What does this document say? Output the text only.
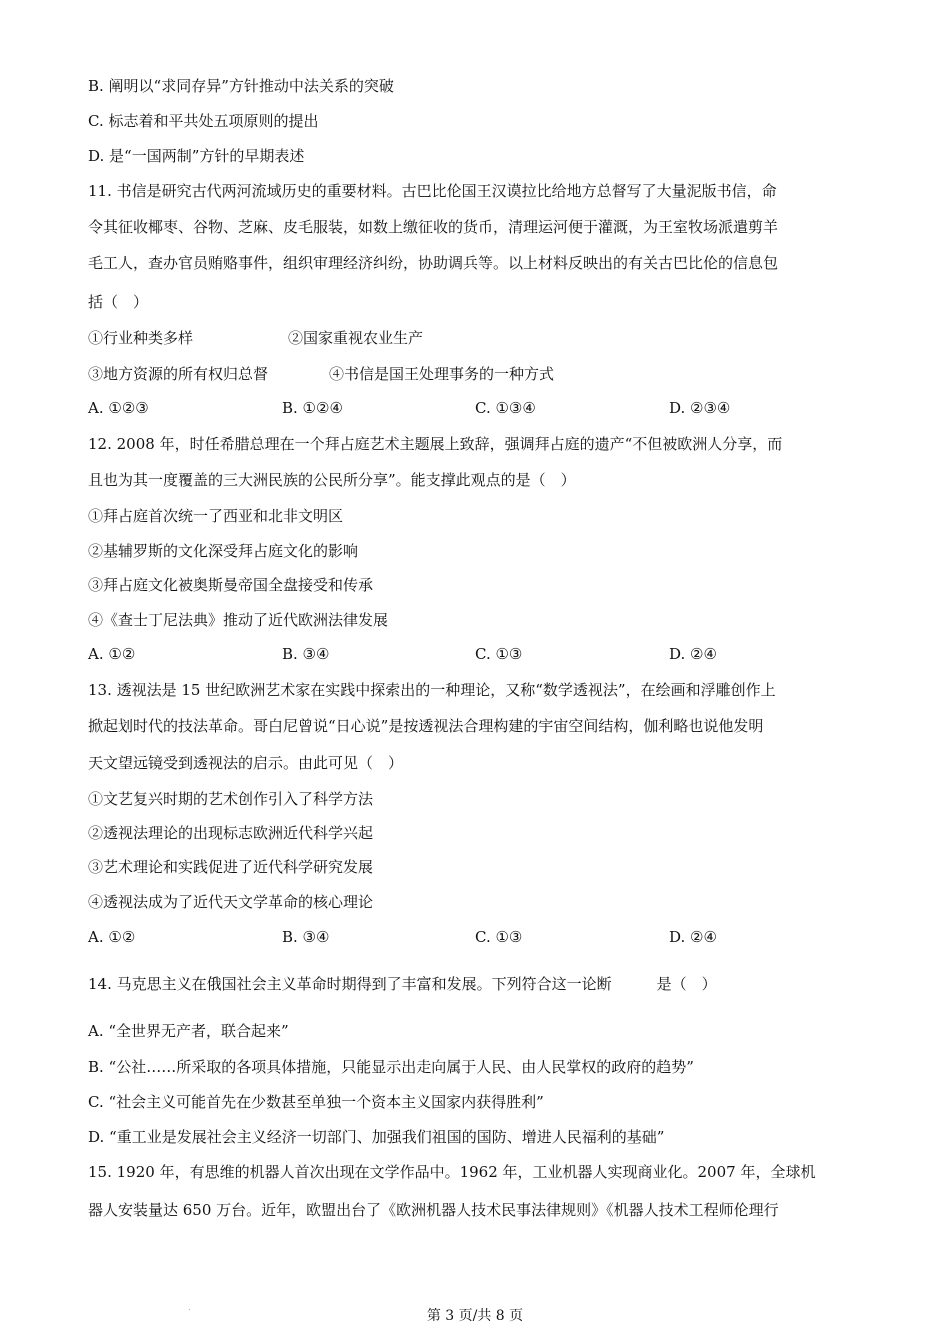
B. 阐明以“求同存异”方针推动中法关系的突破
C. 标志着和平共处五项原则的提出
D. 是“一国两制”方针的早期表述
11. 书信是研究古代两河流域历史的重要材料。古巴比伦国王汉谟拉比给地方总督写了大量泥版书信，命
令其征收椰枣、谷物、芝麻、皮毛服装，如数上缴征收的货币，清理运河便于灌溉，为王室牧场派遣剪羊
毛工人，查办官员贿赂事件，组织审理经济纠纷，协助调兵等。以上材料反映出的有关古巴比伦的信息包
括（　）
①行业种类多样	②国家重视农业生产
③地方资源的所有权归总督	④书信是国王处理事务的一种方式
A. ①②③	B. ①②④	C. ①③④	D. ②③④
12. 2008 年，时任希腊总理在一个拜占庭艺术主题展上致辞，强调拜占庭的遗产“不但被欧洲人分享，而
且也为其一度覆盖的三大洲民族的公民所分享”。能支撑此观点的是（　）
①拜占庭首次统一了西亚和北非文明区
②基辅罗斯的文化深受拜占庭文化的影响
③拜占庭文化被奥斯曼帝国全盘接受和传承
④《查士丁尼法典》推动了近代欧洲法律发展
A. ①②	B. ③④	C. ①③	D. ②④
13. 透视法是 15 世纪欧洲艺术家在实践中探索出的一种理论，又称“数学透视法”，在绘画和浮雕创作上
掀起划时代的技法革命。哥白尼曾说“日心说”是按透视法合理构建的宇宙空间结构，伽利略也说他发明
天文望远镜受到透视法的启示。由此可见（　）
①文艺复兴时期的艺术创作引入了科学方法
②透视法理论的出现标志欧洲近代科学兴起
③艺术理论和实践促进了近代科学研究发展
④透视法成为了近代天文学革命的核心理论
A. ①②	B. ③④	C. ①③	D. ②④
14. 马克思主义在俄国社会主义革命时期得到了丰富和发展。下列符合这一论断　　　是（　）
A. “全世界无产者，联合起来”
B. “公社……所采取的各项具体措施，只能显示出走向属于人民、由人民掌权的政府的趋势”
C. “社会主义可能首先在少数甚至单独一个资本主义国家内获得胜利”
D. “重工业是发展社会主义经济一切部门、加强我们祖国的国防、增进人民福利的基础”
15. 1920 年，有思维的机器人首次出现在文学作品中。1962 年，工业机器人实现商业化。2007 年，全球机
器人安装量达 650 万台。近年，欧盟出台了《欧洲机器人技术民事法律规则》《机器人技术工程师伦理行
.
第 3 页/共 8 页
